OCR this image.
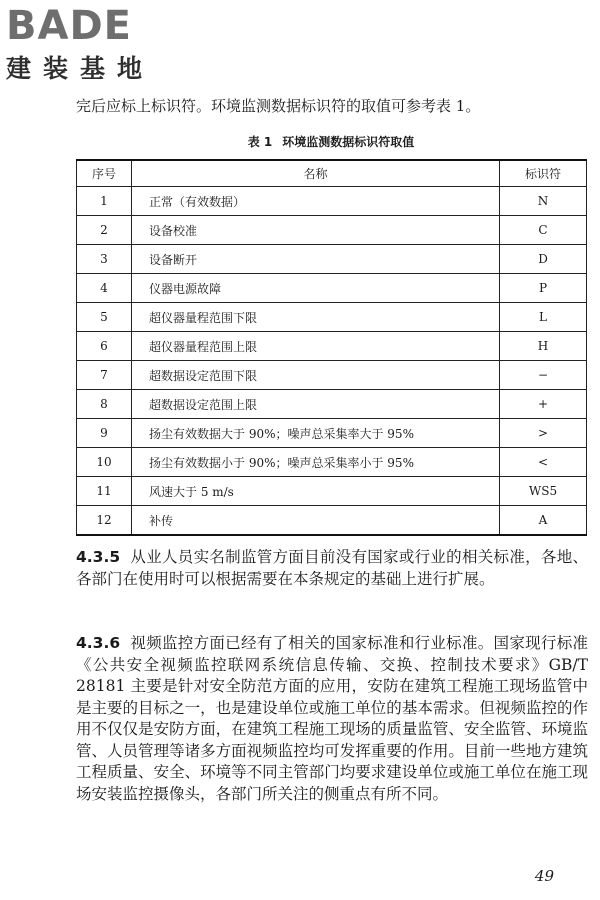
BADE
建装基地
完后应标上标识符。环境监测数据标识符的取值可参考表 1。
表 1 环境监测数据标识符取值
序号	名称	标识符
1	正常（有效数据）	N
2	设备校准	C
3	设备断开	D
4	仪器电源故障	P
5	超仪器量程范围下限	L
6	超仪器量程范围上限	H
7	超数据设定范围下限	−
8	超数据设定范围上限	+
9	扬尘有效数据大于 90%；噪声总采集率大于 95%	>
10	扬尘有效数据小于 90%；噪声总采集率小于 95%	<
11	风速大于 5 m/s	WS5
12	补传	A
4.3.5 从业人员实名制监管方面目前没有国家或行业的相关标准，各地、各部门在使用时可以根据需要在本条规定的基础上进行扩展。
4.3.6 视频监控方面已经有了相关的国家标准和行业标准。国家现行标准《公共安全视频监控联网系统信息传输、交换、控制技术要求》GB/T 28181 主要是针对安全防范方面的应用，安防在建筑工程施工现场监管中是主要的目标之一，也是建设单位或施工单位的基本需求。但视频监控的作用不仅仅是安防方面，在建筑工程施工现场的质量监管、安全监管、环境监管、人员管理等诸多方面视频监控均可发挥重要的作用。目前一些地方建筑工程质量、安全、环境等不同主管部门均要求建设单位或施工单位在施工现场安装监控摄像头，各部门所关注的侧重点有所不同。
49
